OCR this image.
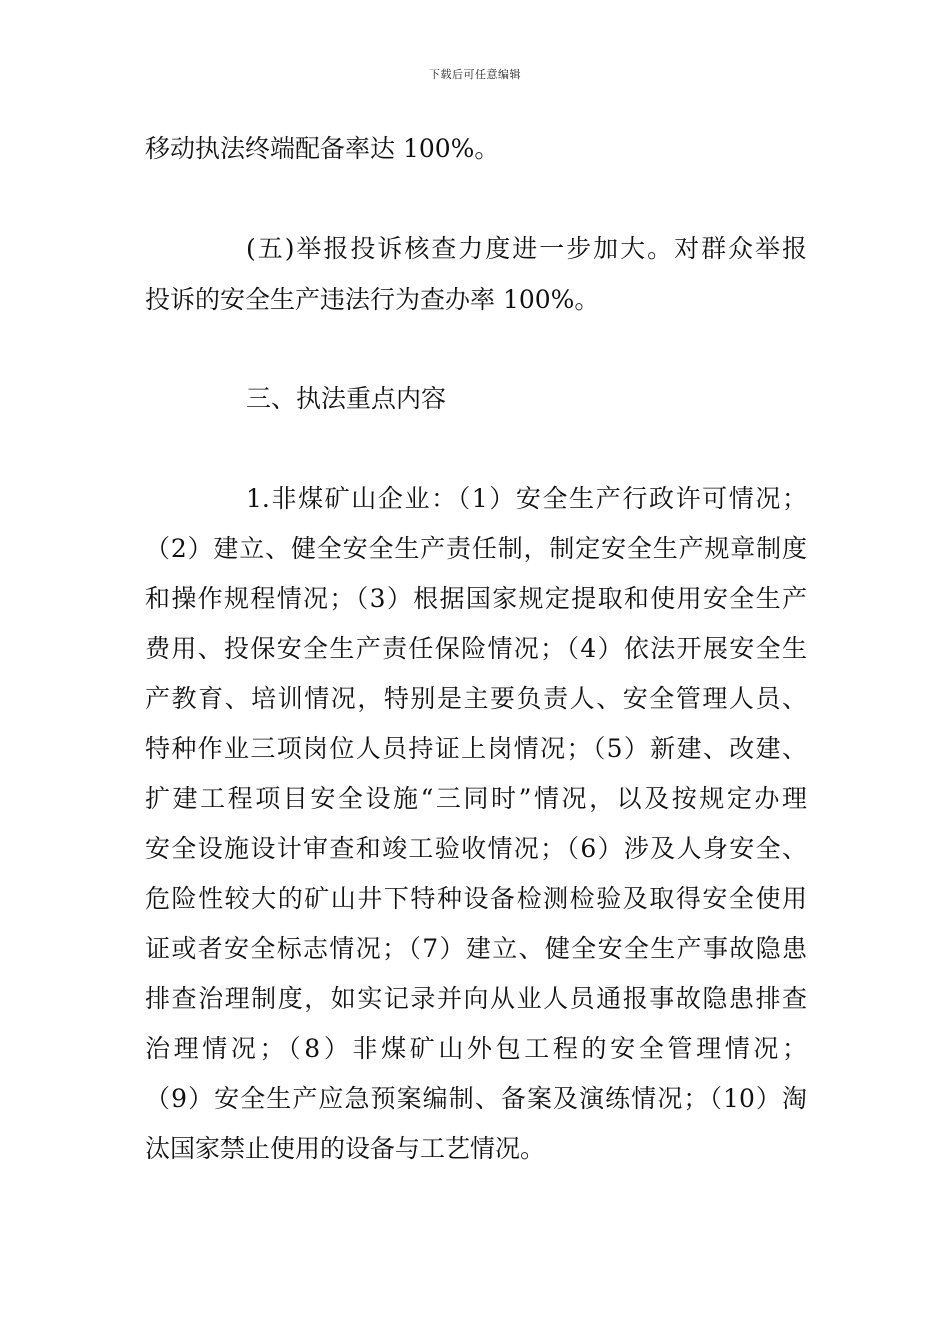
下载后可任意编辑
移动执法终端配备率达 100%。
(五)举报投诉核查力度进一步加大。对群众举报
投诉的安全生产违法行为查办率 100%。
三、执法重点内容
1.非煤矿山企业：（1）安全生产行政许可情况；
（2）建立、健全安全生产责任制，制定安全生产规章制度
和操作规程情况；（3）根据国家规定提取和使用安全生产
费用、投保安全生产责任保险情况；（4）依法开展安全生
产教育、培训情况，特别是主要负责人、安全管理人员、
特种作业三项岗位人员持证上岗情况；（5）新建、改建、
扩建工程项目安全设施“三同时”情况，以及按规定办理
安全设施设计审查和竣工验收情况；（6）涉及人身安全、
危险性较大的矿山井下特种设备检测检验及取得安全使用
证或者安全标志情况；（7）建立、健全安全生产事故隐患
排查治理制度，如实记录并向从业人员通报事故隐患排查
治理情况；（8）非煤矿山外包工程的安全管理情况；
（9）安全生产应急预案编制、备案及演练情况；（10）淘
汰国家禁止使用的设备与工艺情况。
